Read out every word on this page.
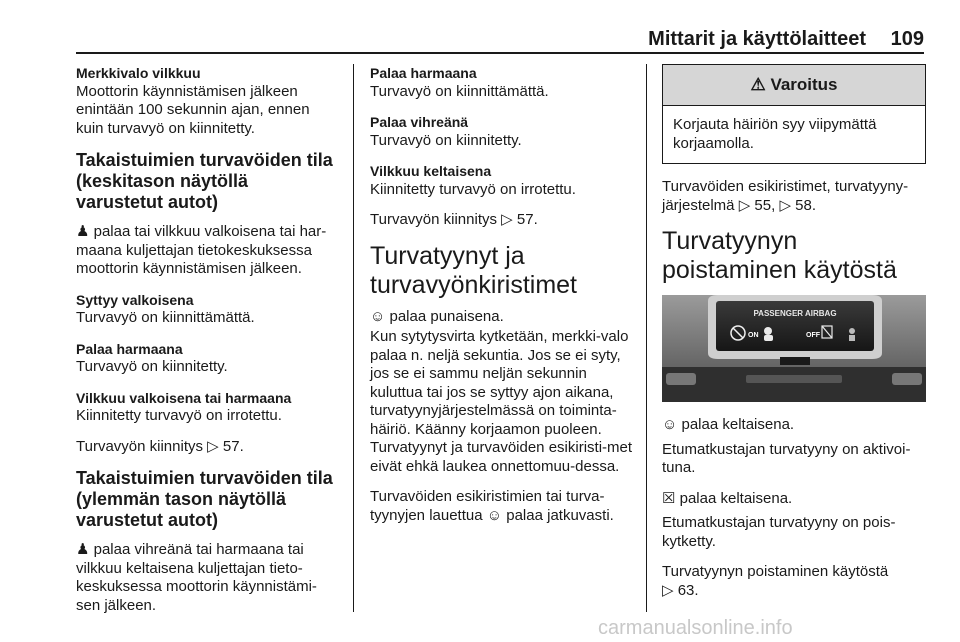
Mittarit ja käyttölaitteet 109
Merkkivalo vilkkuu

Moottorin käynnistämisen jälkeen enintään 100 sekunnin ajan, ennen kuin turvavyö on kiinnitetty.

Takaistuimien turvavöiden tila (keskitason näytöllä varustetut autot)

♟ palaa tai vilkkuu valkoisena tai har-maana kuljettajan tietokeskuksessa moottorin käynnistämisen jälkeen.

Syttyy valkoisena

Turvavyö on kiinnittämättä.

Palaa harmaana

Turvavyö on kiinnitetty.

Vilkkuu valkoisena tai harmaana

Kiinnitetty turvavyö on irrotettu.

Turvavyön kiinnitys ▷ 57.

Takaistuimien turvavöiden tila (ylemmän tason näytöllä varustetut autot)

♟ palaa vihreänä tai harmaana tai vilkkuu keltaisena kuljettajan tieto-keskuksessa moottorin käynnistämi-sen jälkeen.

Palaa harmaana

Turvavyö on kiinnittämättä.

Palaa vihreänä

Turvavyö on kiinnitetty.

Vilkkuu keltaisena

Kiinnitetty turvavyö on irrotettu.

Turvavyön kiinnitys ▷ 57.

Turvatyynyt ja turvavyönkiristimet

☺ palaa punaisena.

Kun sytytysvirta kytketään, merkki-valo palaa n. neljä sekuntia. Jos se ei syty, jos se ei sammu neljän sekunnin kuluttua tai jos se syttyy ajon aikana, turvatyynyjärjestelmässä on toiminta-häiriö. Käänny korjaamon puoleen. Turvatyynyt ja turvavöiden esikiristi-met eivät ehkä laukea onnettomuu-dessa.

Turvavöiden esikiristimien tai turva-tyynyjen lauettua ☺ palaa jatkuvasti.

⚠
Varoitus
Korjauta häiriön syy viipymättä korjaamolla.

Turvavöiden esikiristimet, turvatyyny-järjestelmä ▷ 55, ▷ 58.

Turvatyynyn poistaminen käytöstä
PASSENGER AIRBAG
ON	OFF

☺ palaa keltaisena.

Etumatkustajan turvatyyny on aktivoi-tuna.

☒ palaa keltaisena.

Etumatkustajan turvatyyny on pois-kytketty.

Turvatyynyn poistaminen käytöstä
▷ 63.

carmanualsonline.info
